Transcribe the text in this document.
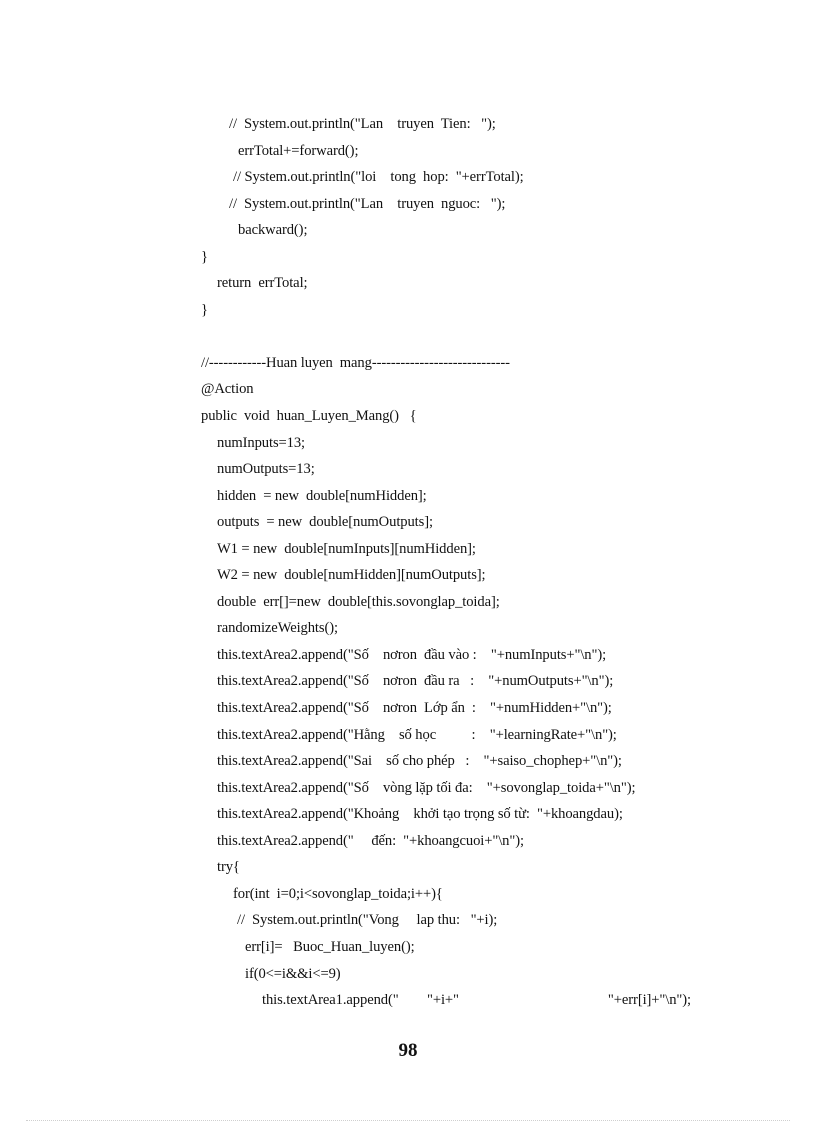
//  System.out.println("Lan    truyen  Tien:   ");
errTotal+=forward();
// System.out.println("loi    tong  hop:  "+errTotal);
//  System.out.println("Lan    truyen  nguoc:   ");
backward();
}
return  errTotal;
}
//------------Huan luyen  mang-----------------------------
@Action
public  void  huan_Luyen_Mang()   {
numInputs=13;
numOutputs=13;
hidden  = new  double[numHidden];
outputs  = new  double[numOutputs];
W1 = new  double[numInputs][numHidden];
W2 = new  double[numHidden][numOutputs];
double  err[]=new  double[this.sovonglap_toida];
randomizeWeights();
this.textArea2.append("Số    nơron  đầu vào :    "+numInputs+"\n");
this.textArea2.append("Số    nơron  đầu ra   :    "+numOutputs+"\n");
this.textArea2.append("Số    nơron  Lớp ẩn  :    "+numHidden+"\n");
this.textArea2.append("Hằng    số học          :    "+learningRate+"\n");
this.textArea2.append("Sai    số cho phép   :    "+saiso_chophep+"\n");
this.textArea2.append("Số    vòng lặp tối đa:    "+sovonglap_toida+"\n");
this.textArea2.append("Khoảng    khởi tạo trọng số từ:  "+khoangdau);
this.textArea2.append("     đến:  "+khoangcuoi+"\n");
try{
for(int  i=0;i<sovonglap_toida;i++){
//  System.out.println("Vong     lap thu:   "+i);
err[i]=   Buoc_Huan_luyen();
if(0<=i&&i<=9)
this.textArea1.append("        "+i+"                                          "+err[i]+"\n");
98
